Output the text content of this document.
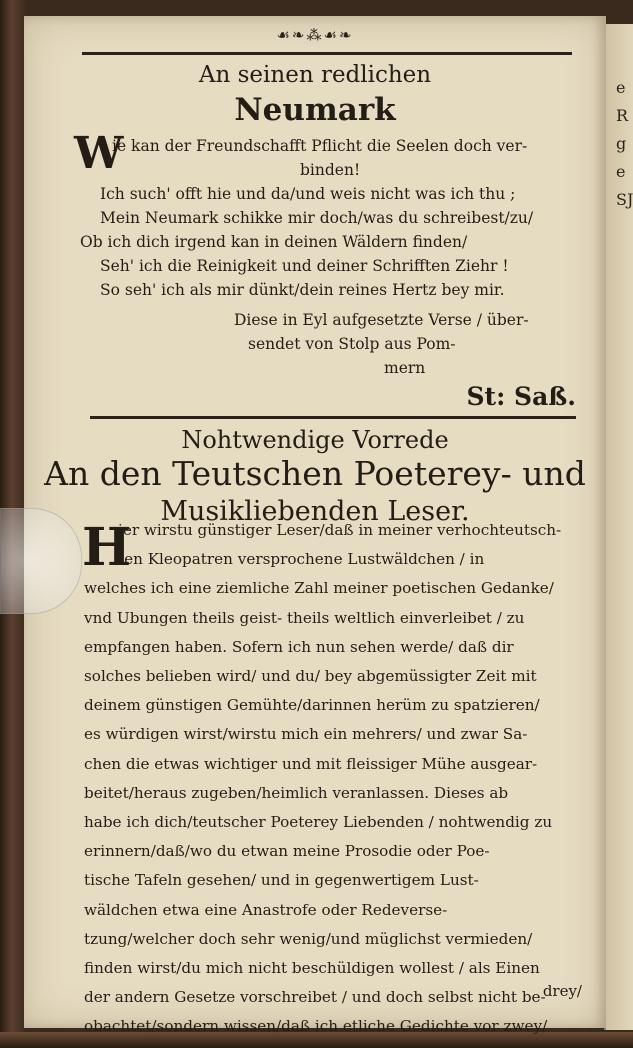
eRgeSJ
☙❧⁂☙❧
An seinen redlichen
Neumark
W
ie kan der Freundschafft Pflicht die Seelen doch ver-
binden!
Ich such' offt hie und da/und weis nicht was ich thu ;
Mein Neumark schikke mir doch/was du schreibest/zu/
Ob ich dich irgend kan in deinen Wäldern finden/
Seh' ich die Reinigkeit und deiner Schrifften Ziehr !
So seh' ich als mir dünkt/dein reines Hertz bey mir.
Diese in Eyl aufgesetzte Verse / über-
sendet von Stolp aus Pom-
mern
St: Saß.
Nohtwendige Vorrede
An den Teutschen Poeterey- und
Musikliebenden Leser.
H
ier wirstu günstiger Leser/daß in meiner verhochteutsch-
ten Kleopatren versprochene Lustwäldchen / in
welches ich eine ziemliche Zahl meiner poetischen Gedanke/
vnd Ubungen theils geist- theils weltlich einverleibet / zu
empfangen haben. Sofern ich nun sehen werde/ daß dir
solches belieben wird/ und du/ bey abgemüssigter Zeit mit
deinem günstigen Gemühte/darinnen herüm zu spatzieren/
es würdigen wirst/wirstu mich ein mehrers/ und zwar Sa-
chen die etwas wichtiger und mit fleissiger Mühe ausgear-
beitet/heraus zugeben/heimlich veranlassen. Dieses ab
habe ich dich/teutscher Poeterey Liebenden / nohtwendig zu
erinnern/daß/wo du etwan meine Prosodie oder Poe-
tische Tafeln gesehen/ und in gegenwertigem Lust-
wäldchen etwa eine Anastrofe oder Redeverse-
tzung/welcher doch sehr wenig/und müglichst vermieden/
finden wirst/du mich nicht beschüldigen wollest / als Einen
der andern Gesetze vorschreibet / und doch selbst nicht be-
obachtet/sondern wissen/daß ich etliche Gedichte vor zwey/
drey/
